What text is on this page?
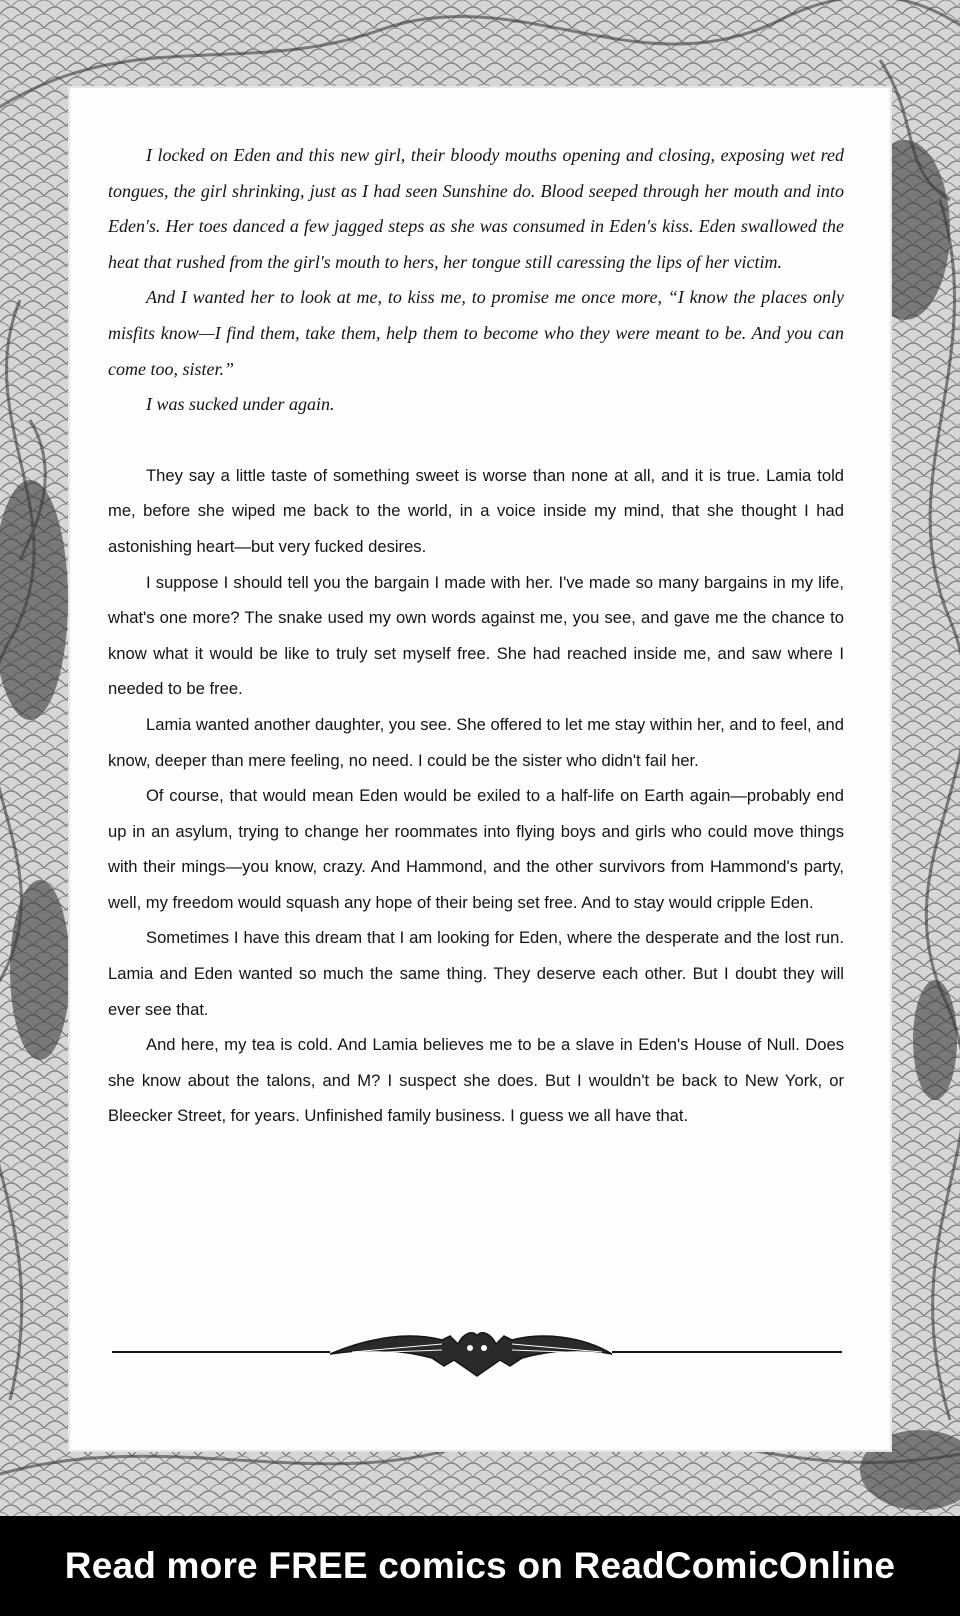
I locked on Eden and this new girl, their bloody mouths opening and closing, exposing wet red tongues, the girl shrinking, just as I had seen Sunshine do. Blood seeped through her mouth and into Eden's. Her toes danced a few jagged steps as she was consumed in Eden's kiss. Eden swallowed the heat that rushed from the girl's mouth to hers, her tongue still caressing the lips of her victim.

And I wanted her to look at me, to kiss me, to promise me once more, “I know the places only misfits know—I find them, take them, help them to become who they were meant to be. And you can come too, sister.”

I was sucked under again.

They say a little taste of something sweet is worse than none at all, and it is true. Lamia told me, before she wiped me back to the world, in a voice inside my mind, that she thought I had astonishing heart—but very fucked desires.

I suppose I should tell you the bargain I made with her. I've made so many bargains in my life, what's one more? The snake used my own words against me, you see, and gave me the chance to know what it would be like to truly set myself free. She had reached inside me, and saw where I needed to be free.

Lamia wanted another daughter, you see. She offered to let me stay within her, and to feel, and know, deeper than mere feeling, no need. I could be the sister who didn't fail her.

Of course, that would mean Eden would be exiled to a half-life on Earth again—probably end up in an asylum, trying to change her roommates into flying boys and girls who could move things with their mings—you know, crazy. And Hammond, and the other survivors from Hammond's party, well, my freedom would squash any hope of their being set free. And to stay would cripple Eden.

Sometimes I have this dream that I am looking for Eden, where the desperate and the lost run. Lamia and Eden wanted so much the same thing. They deserve each other. But I doubt they will ever see that.

And here, my tea is cold. And Lamia believes me to be a slave in Eden's House of Null. Does she know about the talons, and M? I suspect she does. But I wouldn't be back to New York, or Bleecker Street, for years. Unfinished family business. I guess we all have that.

Read more FREE comics on ReadComicOnline
